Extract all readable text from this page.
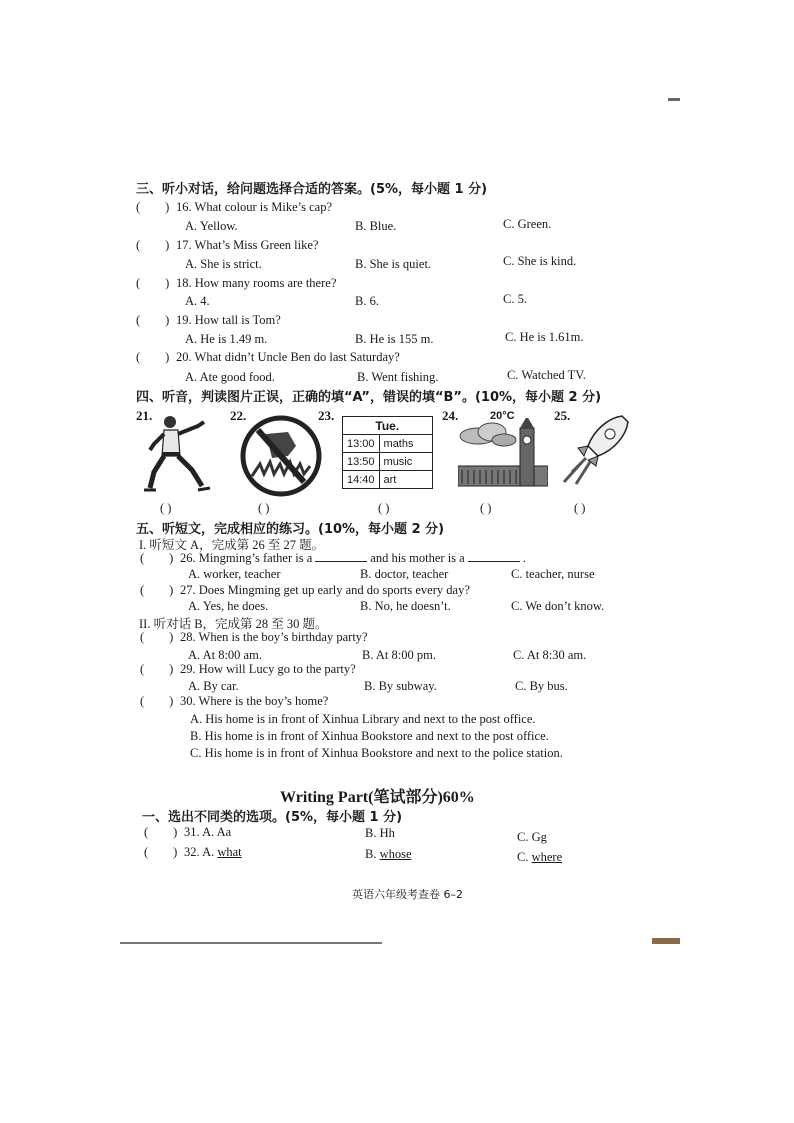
三、听小对话，给问题选择合适的答案。(5%，每小题 1 分)
(        ) 16. What colour is Mike’s cap?
A. Yellow.	B. Blue.	C. Green.
(        ) 17. What’s Miss Green like?
A. She is strict.	B. She is quiet.	C. She is kind.
(        ) 18. How many rooms are there?
A. 4.	B. 6.	C. 5.
(        ) 19. How tall is Tom?
A. He is 1.49 m.	B. He is 155 m.	C. He is 1.61m.
(        ) 20. What didn’t Uncle Ben do last Saturday?
A. Ate good food.	B. Went fishing.	C. Watched TV.
四、听音，判读图片正误，正确的填“A”，错误的填“B”。(10%，每小题 2 分)
21.	22.	23.
Tue.	
13:00	maths
13:50	music
14:40	art
24.	20°C	25.
( )	( )	( )	( )	( )
五、听短文，完成相应的练习。(10%，每小题 2 分)
I. 听短文 A，完成第 26 至 27 题。
(        ) 26. Mingming’s father is a	and his mother is a	.
A. worker, teacher	B. doctor, teacher	C. teacher, nurse
(        ) 27. Does Mingming get up early and do sports every day?
A. Yes, he does.	B. No, he doesn’t.	C. We don’t know.
II. 听对话 B，完成第 28 至 30 题。
(        ) 28. When is the boy’s birthday party?
A. At 8:00 am.	B. At 8:00 pm.	C. At 8:30 am.
(        ) 29. How will Lucy go to the party?
A. By car.	B. By subway.	C. By bus.
(        ) 30. Where is the boy’s home?
A. His home is in front of Xinhua Library and next to the post office.
B. His home is in front of Xinhua Bookstore and next to the post office.
C. His home is in front of Xinhua Bookstore and next to the police station.
Writing Part(笔试部分)60%
一、选出不同类的选项。(5%，每小题 1 分)
(        ) 31. A. Aa	B. Hh	C. Gg
(        ) 32. A. what	B. whose	C. where
英语六年级考查卷 6–2
